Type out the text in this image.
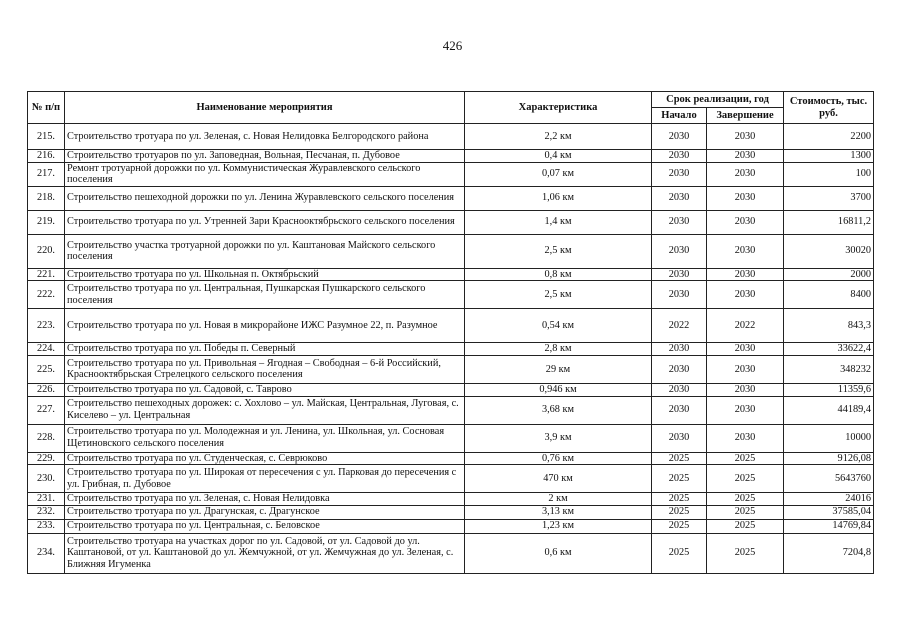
426
№ п/п	Наименование мероприятия	Характеристика	Срок реализации, год		Стоимость, тыс. руб.
			Начало	Завершение	
215.	Строительство тротуара по ул. Зеленая, с. Новая Нелидовка Белгородского района	2,2 км	2030	2030	2200
216.	Строительство тротуаров по ул. Заповедная, Вольная, Песчаная, п. Дубовое	0,4 км	2030	2030	1300
217.	Ремонт тротуарной дорожки по ул. Коммунистическая Журавлевского сельского поселения	0,07 км	2030	2030	100
218.	Строительство пешеходной дорожки по ул. Ленина Журавлевского сельского поселения	1,06 км	2030	2030	3700
219.	Строительство тротуара по ул. Утренней Зари Краснооктябрьского сельского поселения	1,4 км	2030	2030	16811,2
220.	Строительство участка тротуарной дорожки по ул. Каштановая Майского сельского поселения	2,5 км	2030	2030	30020
221.	Строительство тротуара по ул. Школьная п. Октябрьский	0,8 км	2030	2030	2000
222.	Строительство тротуара по ул. Центральная, Пушкарская Пушкарского сельского поселения	2,5 км	2030	2030	8400
223.	Строительство тротуара по ул. Новая в микрорайоне ИЖС Разумное 22, п. Разумное	0,54 км	2022	2022	843,3
224.	Строительство тротуара по ул. Победы п. Северный	2,8 км	2030	2030	33622,4
225.	Строительство тротуара по ул. Привольная – Ягодная – Свободная – 6-й Российский, Краснооктябрьская Стрелецкого сельского поселения	29 км	2030	2030	348232
226.	Строительство тротуара по ул. Садовой, с. Таврово	0,946 км	2030	2030	11359,6
227.	Строительство пешеходных дорожек: с. Хохлово – ул. Майская, Центральная, Луговая, с. Киселево – ул. Центральная	3,68 км	2030	2030	44189,4
228.	Строительство тротуара по ул. Молодежная и ул. Ленина, ул. Школьная, ул. Сосновая Щетиновского сельского поселения	3,9 км	2030	2030	10000
229.	Строительство тротуара по ул. Студенческая, с. Севрюково	0,76 км	2025	2025	9126,08
230.	Строительство тротуара по ул. Широкая от пересечения с ул. Парковая до пересечения с ул. Грибная, п. Дубовое	470 км	2025	2025	5643760
231.	Строительство тротуара по ул. Зеленая, с. Новая Нелидовка	2 км	2025	2025	24016
232.	Строительство тротуара по ул. Драгунская, с. Драгунское	3,13 км	2025	2025	37585,04
233.	Строительство тротуара по ул. Центральная, с. Беловское	1,23 км	2025	2025	14769,84
234.	Строительство тротуара на участках дорог по ул. Садовой, от ул. Садовой до ул. Каштановой, от ул. Каштановой до ул. Жемчужной, от ул. Жемчужная до ул. Зеленая, с. Ближняя Игуменка	0,6 км	2025	2025	7204,8
